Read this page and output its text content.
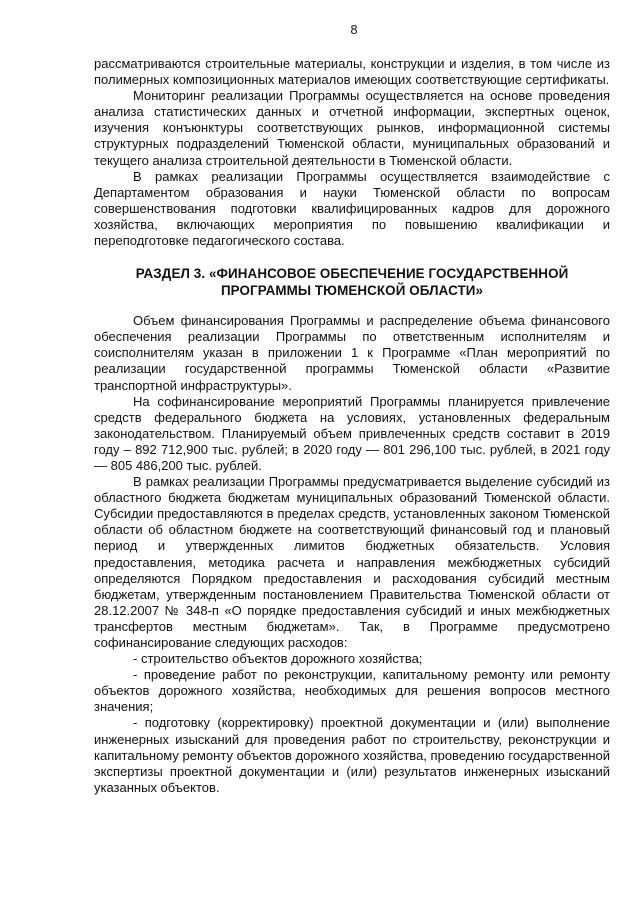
8

рассматриваются строительные материалы, конструкции и изделия, в том числе из полимерных композиционных материалов имеющих соответствующие сертификаты.

Мониторинг реализации Программы осуществляется на основе проведения анализа статистических данных и отчетной информации, экспертных оценок, изучения конъюнктуры соответствующих рынков, информационной системы структурных подразделений Тюменской области, муниципальных образований и текущего анализа строительной деятельности в Тюменской области.

В рамках реализации Программы осуществляется взаимодействие с Департаментом образования и науки Тюменской области по вопросам совершенствования подготовки квалифицированных кадров для дорожного хозяйства, включающих мероприятия по повышению квалификации и переподготовке педагогического состава.

РАЗДЕЛ 3. «ФИНАНСОВОЕ ОБЕСПЕЧЕНИЕ ГОСУДАРСТВЕННОЙ
ПРОГРАММЫ ТЮМЕНСКОЙ ОБЛАСТИ»

Объем финансирования Программы и распределение объема финансового обеспечения реализации Программы по ответственным исполнителям и соисполнителям указан в приложении 1 к Программе «План мероприятий по реализации государственной программы Тюменской области «Развитие транспортной инфраструктуры».

На софинансирование мероприятий Программы планируется привлечение средств федерального бюджета на условиях, установленных федеральным законодательством. Планируемый объем привлеченных средств составит в 2019 году – 892 712,900 тыс. рублей; в 2020 году — 801 296,100 тыс. рублей, в 2021 году — 805 486,200 тыс. рублей.

В рамках реализации Программы предусматривается выделение субсидий из областного бюджета бюджетам муниципальных образований Тюменской области. Субсидии предоставляются в пределах средств, установленных законом Тюменской области об областном бюджете на соответствующий финансовый год и плановый период и утвержденных лимитов бюджетных обязательств. Условия предоставления, методика расчета и направления межбюджетных субсидий определяются Порядком предоставления и расходования субсидий местным бюджетам, утвержденным постановлением Правительства Тюменской области от 28.12.2007 № 348-п «О порядке предоставления субсидий и иных межбюджетных трансфертов местным бюджетам». Так, в Программе предусмотрено софинансирование следующих расходов:

- строительство объектов дорожного хозяйства;

- проведение работ по реконструкции, капитальному ремонту или ремонту объектов дорожного хозяйства, необходимых для решения вопросов местного значения;

- подготовку (корректировку) проектной документации и (или) выполнение инженерных изысканий для проведения работ по строительству, реконструкции и капитальному ремонту объектов дорожного хозяйства, проведению государственной экспертизы проектной документации и (или) результатов инженерных изысканий указанных объектов.
